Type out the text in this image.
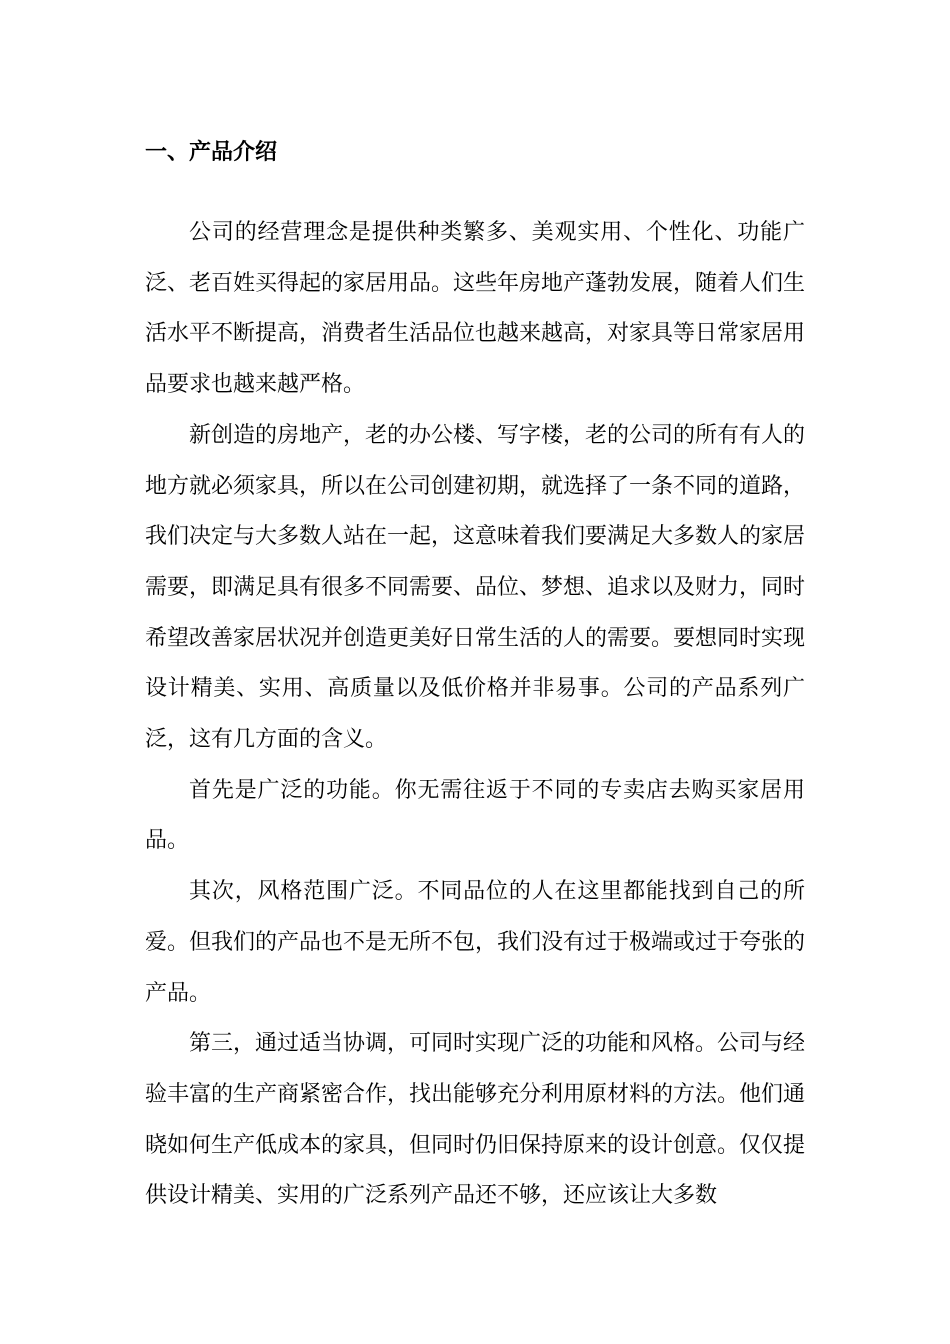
一、产品介绍

公司的经营理念是提供种类繁多、美观实用、个性化、功能广泛、老百姓买得起的家居用品。这些年房地产蓬勃发展，随着人们生活水平不断提高，消费者生活品位也越来越高，对家具等日常家居用品要求也越来越严格。

新创造的房地产，老的办公楼、写字楼，老的公司的所有有人的地方就必须家具，所以在公司创建初期，就选择了一条不同的道路，我们决定与大多数人站在一起，这意味着我们要满足大多数人的家居需要，即满足具有很多不同需要、品位、梦想、追求以及财力，同时希望改善家居状况并创造更美好日常生活的人的需要。要想同时实现设计精美、实用、高质量以及低价格并非易事。公司的产品系列广泛，这有几方面的含义。

首先是广泛的功能。你无需往返于不同的专卖店去购买家居用品。

其次，风格范围广泛。不同品位的人在这里都能找到自己的所爱。但我们的产品也不是无所不包，我们没有过于极端或过于夸张的产品。

第三，通过适当协调，可同时实现广泛的功能和风格。公司与经验丰富的生产商紧密合作，找出能够充分利用原材料的方法。他们通晓如何生产低成本的家具，但同时仍旧保持原来的设计创意。仅仅提供设计精美、实用的广泛系列产品还不够，还应该让大多数
